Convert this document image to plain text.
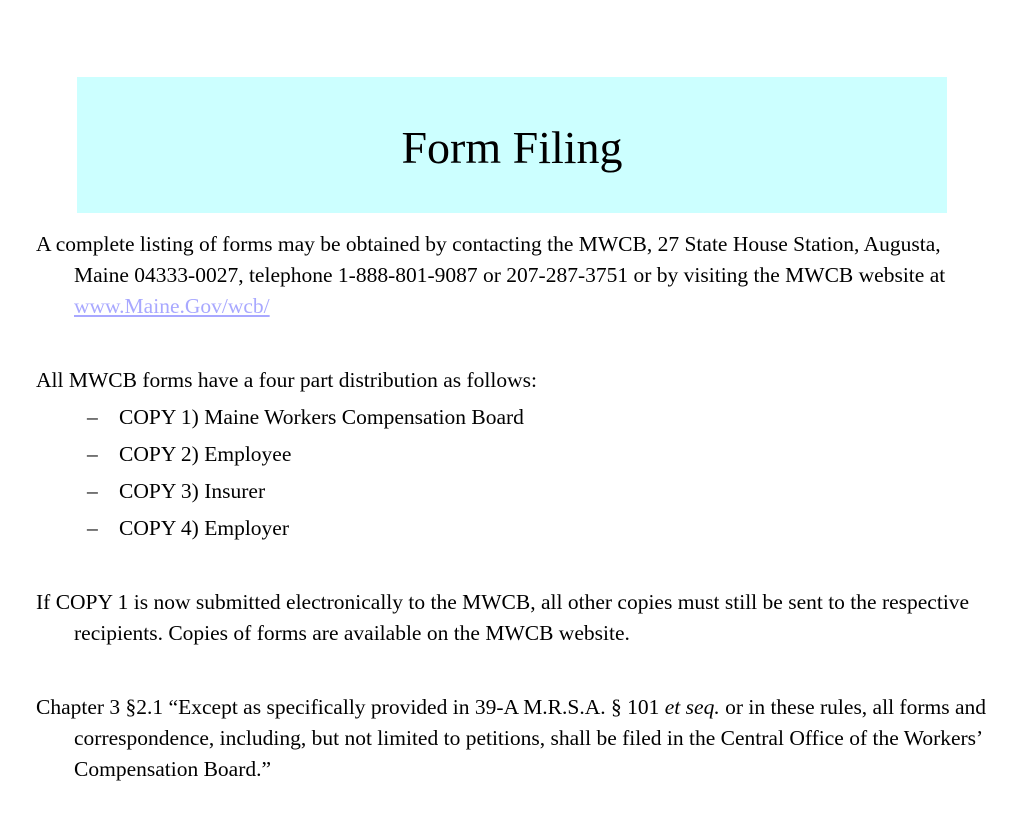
Form Filing

A complete listing of forms may be obtained by contacting the MWCB, 27 State House Station, Augusta, Maine 04333-0027, telephone 1-888-801-9087 or 207-287-3751 or by visiting the MWCB website at www.Maine.Gov/wcb/

All MWCB forms have a four part distribution as follows:

– COPY 1) Maine Workers Compensation Board
– COPY 2) Employee
– COPY 3) Insurer
– COPY 4) Employer

If COPY 1 is now submitted electronically to the MWCB, all other copies must still be sent to the respective recipients. Copies of forms are available on the MWCB website.

Chapter 3 §2.1 “Except as specifically provided in 39-A M.R.S.A. § 101 et seq. or in these rules, all forms and correspondence, including, but not limited to petitions, shall be filed in the Central Office of the Workers’ Compensation Board.”
